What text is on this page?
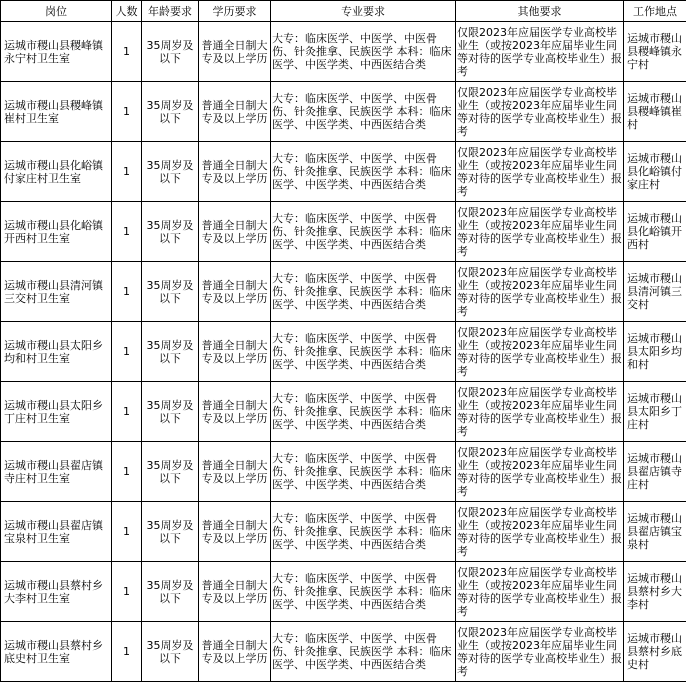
岗位	人数	年龄要求	学历要求	专业要求	其他要求	工作地点
运城市稷山县稷峰镇永宁村卫生室	1	35周岁及以下	普通全日制大专及以上学历	大专：临床医学、中医学、中医骨伤、针灸推拿、民族医学 本科：临床医学、中医学类、中西医结合类	仅限2023年应届医学专业高校毕业生（或按2023年应届毕业生同等对待的医学专业高校毕业生）报考	运城市稷山县稷峰镇永宁村
运城市稷山县稷峰镇崔村卫生室	1	35周岁及以下	普通全日制大专及以上学历	大专：临床医学、中医学、中医骨伤、针灸推拿、民族医学 本科：临床医学、中医学类、中西医结合类	仅限2023年应届医学专业高校毕业生（或按2023年应届毕业生同等对待的医学专业高校毕业生）报考	运城市稷山县稷峰镇崔村
运城市稷山县化峪镇付家庄村卫生室	1	35周岁及以下	普通全日制大专及以上学历	大专：临床医学、中医学、中医骨伤、针灸推拿、民族医学 本科：临床医学、中医学类、中西医结合类	仅限2023年应届医学专业高校毕业生（或按2023年应届毕业生同等对待的医学专业高校毕业生）报考	运城市稷山县化峪镇付家庄村
运城市稷山县化峪镇开西村卫生室	1	35周岁及以下	普通全日制大专及以上学历	大专：临床医学、中医学、中医骨伤、针灸推拿、民族医学 本科：临床医学、中医学类、中西医结合类	仅限2023年应届医学专业高校毕业生（或按2023年应届毕业生同等对待的医学专业高校毕业生）报考	运城市稷山县化峪镇开西村
运城市稷山县清河镇三交村卫生室	1	35周岁及以下	普通全日制大专及以上学历	大专：临床医学、中医学、中医骨伤、针灸推拿、民族医学 本科：临床医学、中医学类、中西医结合类	仅限2023年应届医学专业高校毕业生（或按2023年应届毕业生同等对待的医学专业高校毕业生）报考	运城市稷山县清河镇三交村
运城市稷山县太阳乡均和村卫生室	1	35周岁及以下	普通全日制大专及以上学历	大专：临床医学、中医学、中医骨伤、针灸推拿、民族医学 本科：临床医学、中医学类、中西医结合类	仅限2023年应届医学专业高校毕业生（或按2023年应届毕业生同等对待的医学专业高校毕业生）报考	运城市稷山县太阳乡均和村
运城市稷山县太阳乡丁庄村卫生室	1	35周岁及以下	普通全日制大专及以上学历	大专：临床医学、中医学、中医骨伤、针灸推拿、民族医学 本科：临床医学、中医学类、中西医结合类	仅限2023年应届医学专业高校毕业生（或按2023年应届毕业生同等对待的医学专业高校毕业生）报考	运城市稷山县太阳乡丁庄村
运城市稷山县翟店镇寺庄村卫生室	1	35周岁及以下	普通全日制大专及以上学历	大专：临床医学、中医学、中医骨伤、针灸推拿、民族医学 本科：临床医学、中医学类、中西医结合类	仅限2023年应届医学专业高校毕业生（或按2023年应届毕业生同等对待的医学专业高校毕业生）报考	运城市稷山县翟店镇寺庄村
运城市稷山县翟店镇宝泉村卫生室	1	35周岁及以下	普通全日制大专及以上学历	大专：临床医学、中医学、中医骨伤、针灸推拿、民族医学 本科：临床医学、中医学类、中西医结合类	仅限2023年应届医学专业高校毕业生（或按2023年应届毕业生同等对待的医学专业高校毕业生）报考	运城市稷山县翟店镇宝泉村
运城市稷山县蔡村乡大李村卫生室	1	35周岁及以下	普通全日制大专及以上学历	大专：临床医学、中医学、中医骨伤、针灸推拿、民族医学 本科：临床医学、中医学类、中西医结合类	仅限2023年应届医学专业高校毕业生（或按2023年应届毕业生同等对待的医学专业高校毕业生）报考	运城市稷山县蔡村乡大李村
运城市稷山县蔡村乡底史村卫生室	1	35周岁及以下	普通全日制大专及以上学历	大专：临床医学、中医学、中医骨伤、针灸推拿、民族医学 本科：临床医学、中医学类、中西医结合类	仅限2023年应届医学专业高校毕业生（或按2023年应届毕业生同等对待的医学专业高校毕业生）报考	运城市稷山县蔡村乡底史村
